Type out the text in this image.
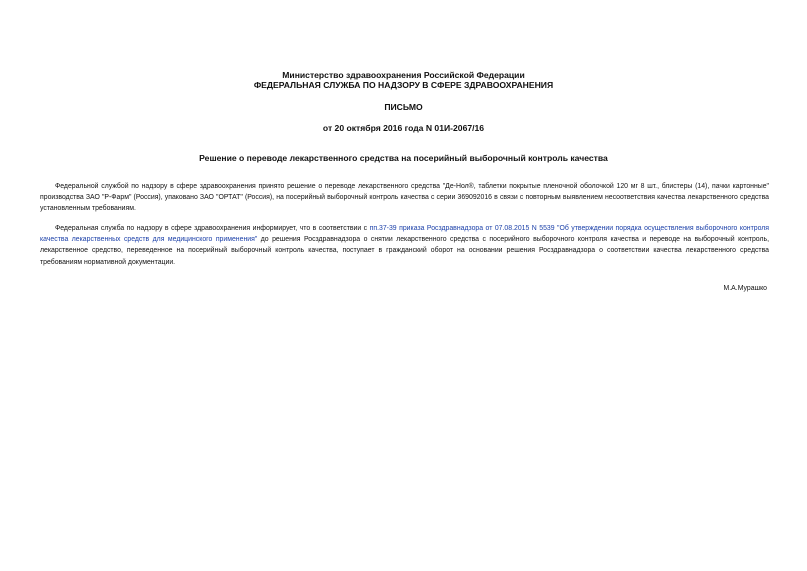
Министерство здравоохранения Российской Федерации
ФЕДЕРАЛЬНАЯ СЛУЖБА ПО НАДЗОРУ В СФЕРЕ ЗДРАВООХРАНЕНИЯ
ПИСЬМО
от 20 октября 2016 года N 01И-2067/16
Решение о переводе лекарственного средства на посерийный выборочный контроль качества

Федеральной службой по надзору в сфере здравоохранения принято решение о переводе лекарственного средства "Де-Нол®, таблетки покрытые пленочной оболочкой 120 мг 8 шт., блистеры (14), пачки картонные" производства ЗАО "Р-Фарм" (Россия), упаковано ЗАО "ОРТАТ" (Россия), на посерийный выборочный контроль качества с серии 369092016 в связи с повторным выявлением несоответствия качества лекарственного средства установленным требованиям.

Федеральная служба по надзору в сфере здравоохранения информирует, что в соответствии с пп.37-39 приказа Росздравнадзора от 07.08.2015 N 5539 "Об утверждении порядка осуществления выборочного контроля качества лекарственных средств для медицинского применения" до решения Росздравнадзора о снятии лекарственного средства с посерийного выборочного контроля качества и переводе на выборочный контроль, лекарственное средство, переведенное на посерийный выборочный контроль качества, поступает в гражданский оборот на основании решения Росздравнадзора о соответствии качества лекарственного средства требованиям нормативной документации.

М.А.Мурашко
